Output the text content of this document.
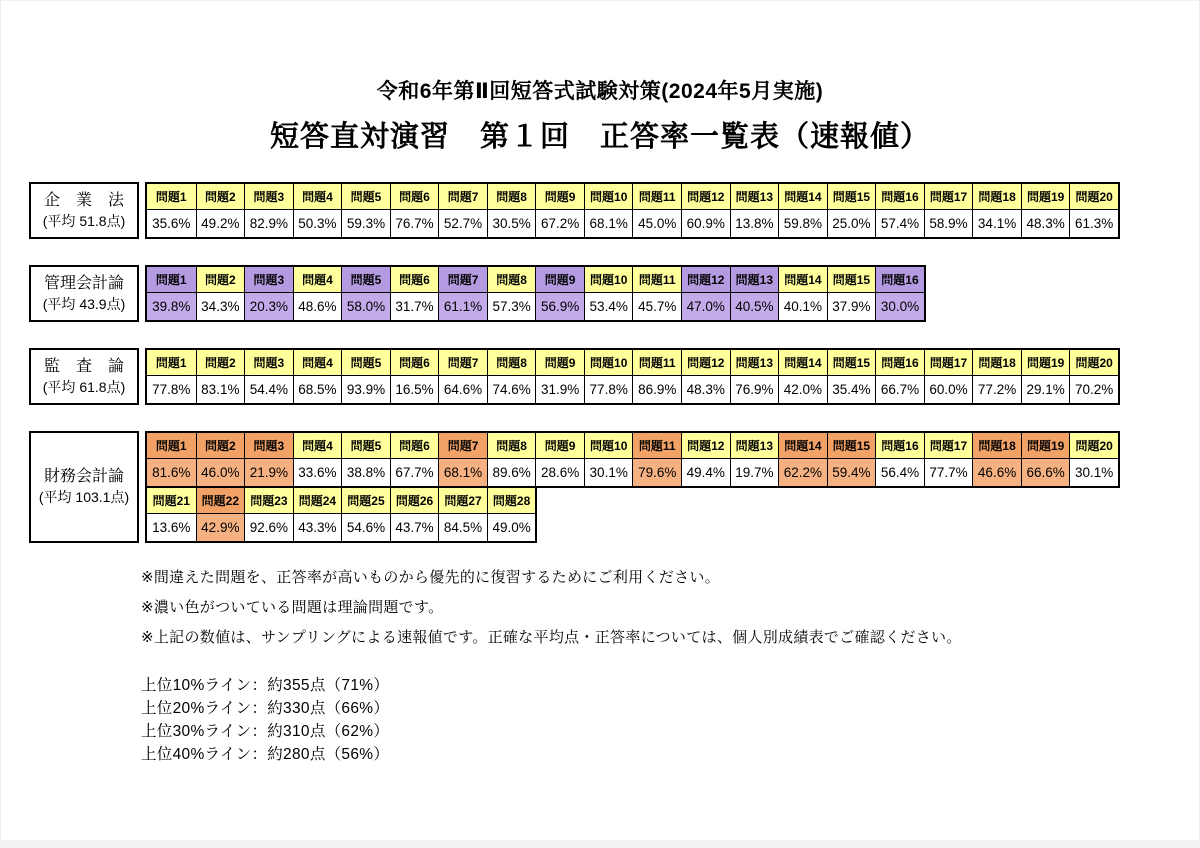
令和6年第Ⅱ回短答式試験対策(2024年5月実施)
短答直対演習　第１回　正答率一覧表（速報値）
企　業　法
(平均 51.8点)
問題1	問題2	問題3	問題4	問題5	問題6	問題7	問題8	問題9	問題10 問題11 問題12 問題13 問題14 問題15 問題16 問題17 問題18 問題19 問題20
35.6% 49.2% 82.9% 50.3% 59.3% 76.7% 52.7% 30.5% 67.2% 68.1% 45.0% 60.9% 13.8% 59.8% 25.0% 57.4% 58.9% 34.1% 48.3% 61.3%
管理会計論
(平均 43.9点)
問題1	問題2	問題3	問題4	問題5	問題6	問題7	問題8	問題9	問題10 問題11 問題12 問題13 問題14 問題15 問題16
39.8% 34.3% 20.3% 48.6% 58.0% 31.7% 61.1% 57.3% 56.9% 53.4% 45.7% 47.0% 40.5% 40.1% 37.9% 30.0%
監　査　論
(平均 61.8点)
問題1	問題2	問題3	問題4	問題5	問題6	問題7	問題8	問題9	問題10 問題11 問題12 問題13 問題14 問題15 問題16 問題17 問題18 問題19 問題20
77.8% 83.1% 54.4% 68.5% 93.9% 16.5% 64.6% 74.6% 31.9% 77.8% 86.9% 48.3% 76.9% 42.0% 35.4% 66.7% 60.0% 77.2% 29.1% 70.2%
財務会計論
(平均 103.1点)
問題1	問題2	問題3	問題4	問題5	問題6	問題7	問題8	問題9	問題10 問題11 問題12 問題13 問題14 問題15 問題16 問題17 問題18 問題19 問題20
81.6% 46.0% 21.9% 33.6% 38.8% 67.7% 68.1% 89.6% 28.6% 30.1% 79.6% 49.4% 19.7% 62.2% 59.4% 56.4% 77.7% 46.6% 66.6% 30.1%
問題21 問題22 問題23 問題24 問題25 問題26 問題27 問題28
13.6% 42.9% 92.6% 43.3% 54.6% 43.7% 84.5% 49.0%
※間違えた問題を、正答率が高いものから優先的に復習するためにご利用ください。
※濃い色がついている問題は理論問題です。
※上記の数値は、サンプリングによる速報値です。正確な平均点・正答率については、個人別成績表でご確認ください。
上位10%ライン：約355点（71%）
上位20%ライン：約330点（66%）
上位30%ライン：約310点（62%）
上位40%ライン：約280点（56%）
